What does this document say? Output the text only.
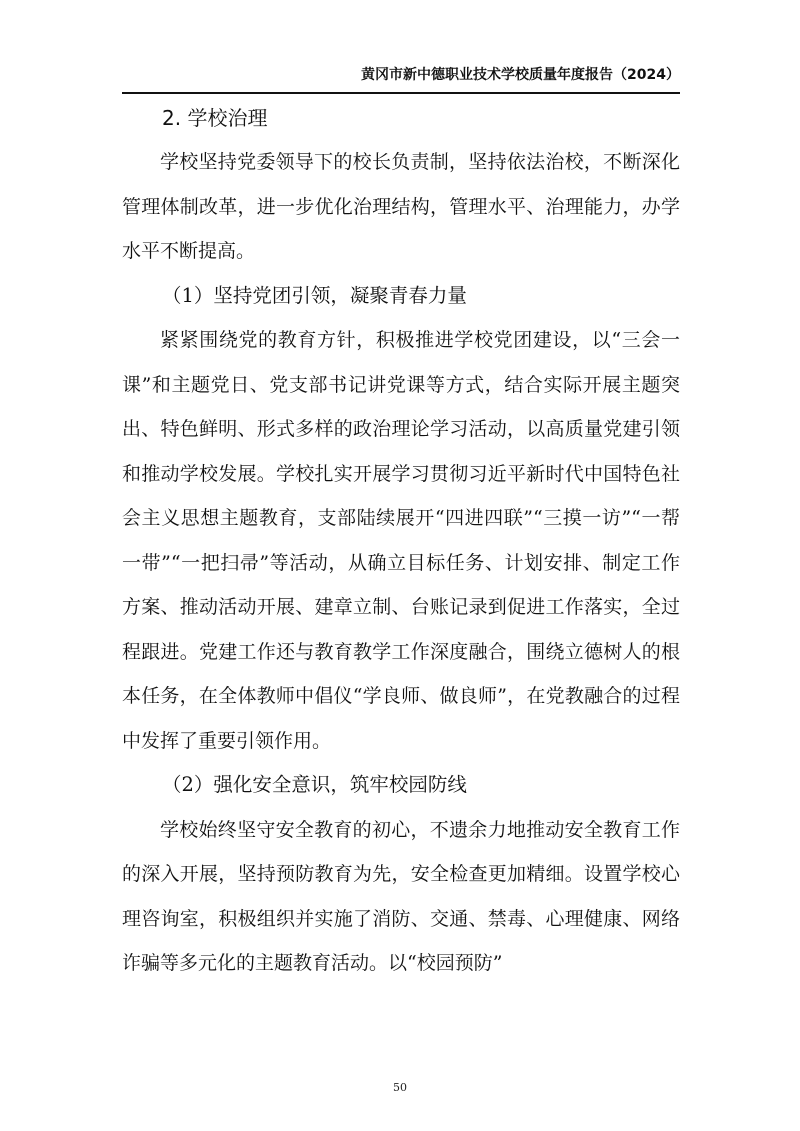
黄冈市新中德职业技术学校质量年度报告（2024）
2. 学校治理

学校坚持党委领导下的校长负责制，坚持依法治校，不断深化管理体制改革，进一步优化治理结构，管理水平、治理能力，办学水平不断提高。

（1）坚持党团引领，凝聚青春力量

紧紧围绕党的教育方针，积极推进学校党团建设，以“三会一课”和主题党日、党支部书记讲党课等方式，结合实际开展主题突出、特色鲜明、形式多样的政治理论学习活动，以高质量党建引领和推动学校发展。学校扎实开展学习贯彻习近平新时代中国特色社会主义思想主题教育，支部陆续展开“四进四联”“三摸一访”“一帮一带”“一把扫帚”等活动，从确立目标任务、计划安排、制定工作方案、推动活动开展、建章立制、台账记录到促进工作落实，全过程跟进。党建工作还与教育教学工作深度融合，围绕立德树人的根本任务，在全体教师中倡仪“学良师、做良师”，在党教融合的过程中发挥了重要引领作用。

（2）强化安全意识，筑牢校园防线

学校始终坚守安全教育的初心，不遗余力地推动安全教育工作的深入开展，坚持预防教育为先，安全检查更加精细。设置学校心理咨询室，积极组织并实施了消防、交通、禁毒、心理健康、网络诈骗等多元化的主题教育活动。以“校园预防”

50
